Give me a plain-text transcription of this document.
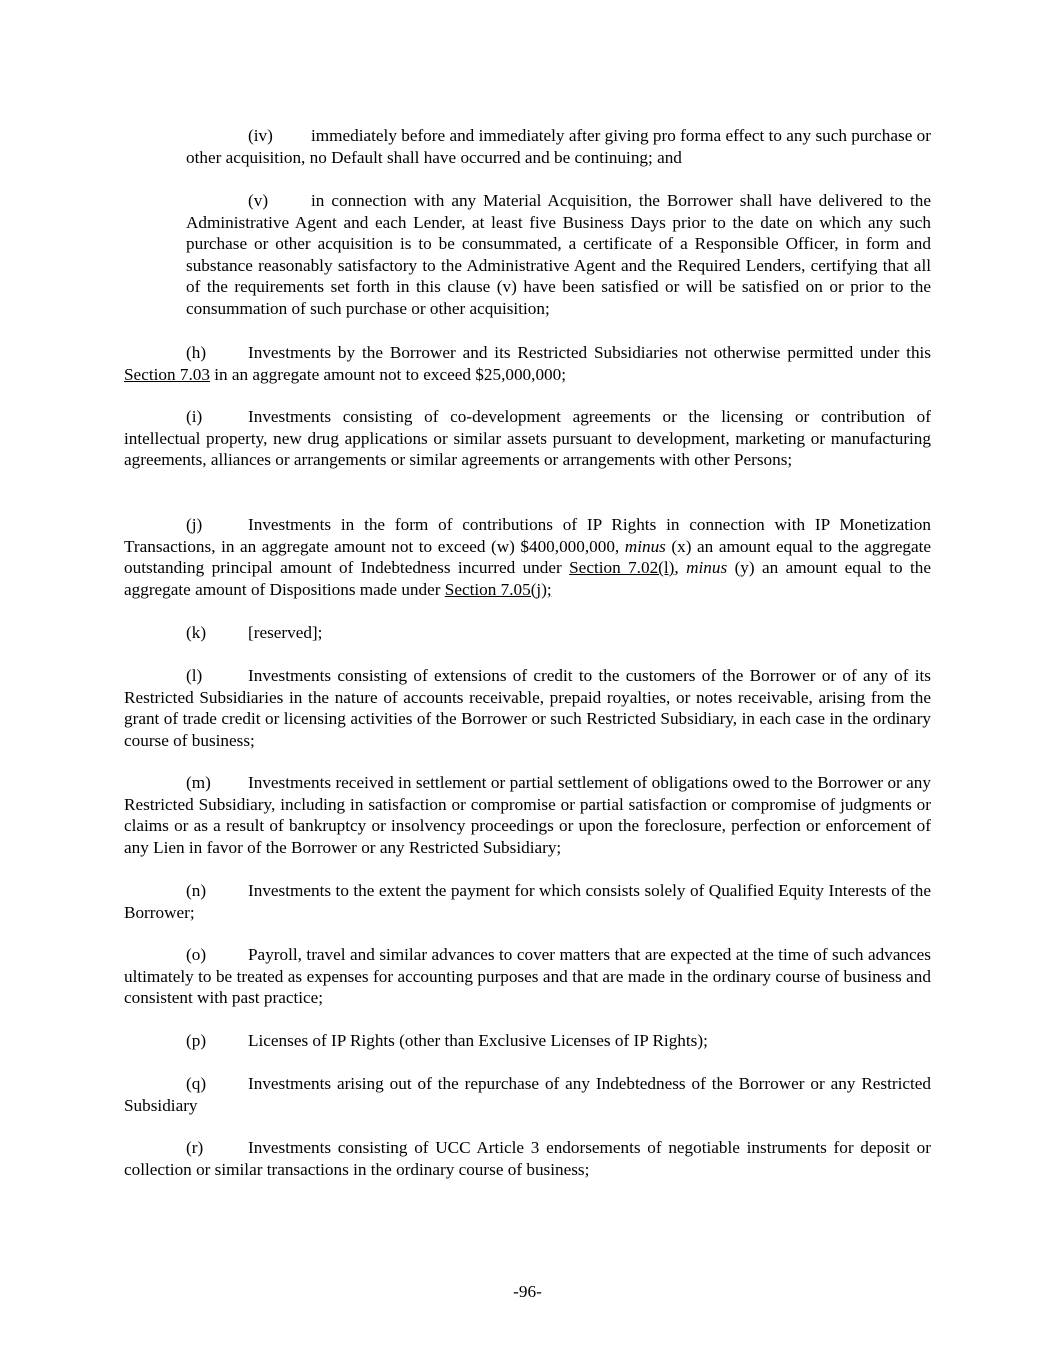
(iv) immediately before and immediately after giving pro forma effect to any such purchase or other acquisition, no Default shall have occurred and be continuing; and

(v) in connection with any Material Acquisition, the Borrower shall have delivered to the Administrative Agent and each Lender, at least five Business Days prior to the date on which any such purchase or other acquisition is to be consummated, a certificate of a Responsible Officer, in form and substance reasonably satisfactory to the Administrative Agent and the Required Lenders, certifying that all of the requirements set forth in this clause (v) have been satisfied or will be satisfied on or prior to the consummation of such purchase or other acquisition;

(h) Investments by the Borrower and its Restricted Subsidiaries not otherwise permitted under this Section 7.03 in an aggregate amount not to exceed $25,000,000;

(i)	Investments consisting of co-development agreements or the licensing or contribution of intellectual property, new drug applications or similar assets pursuant to development, marketing or manufacturing agreements, alliances or arrangements or similar agreements or arrangements with other Persons;

(j)	Investments in the form of contributions of IP Rights in connection with IP Monetization Transactions, in an aggregate amount not to exceed (w) $400,000,000, minus (x) an amount equal to the aggregate outstanding principal amount of Indebtedness incurred under Section 7.02(l), minus (y) an amount equal to the aggregate amount of Dispositions made under Section 7.05(j);

(k) [reserved];

(l)	Investments consisting of extensions of credit to the customers of the Borrower or of any of its Restricted Subsidiaries in the nature of accounts receivable, prepaid royalties, or notes receivable, arising from the grant of trade credit or licensing activities of the Borrower or such Restricted Subsidiary, in each case in the ordinary course of business;

(m) Investments received in settlement or partial settlement of obligations owed to the Borrower or any Restricted Subsidiary, including in satisfaction or compromise or partial satisfaction or compromise of judgments or claims or as a result of bankruptcy or insolvency proceedings or upon the foreclosure, perfection or enforcement of any Lien in favor of the Borrower or any Restricted Subsidiary;

(n) Investments to the extent the payment for which consists solely of Qualified Equity Interests of the Borrower;

(o) Payroll, travel and similar advances to cover matters that are expected at the time of such advances ultimately to be treated as expenses for accounting purposes and that are made in the ordinary course of business and consistent with past practice;

(p) Licenses of IP Rights (other than Exclusive Licenses of IP Rights);

(q) Investments arising out of the repurchase of any Indebtedness of the Borrower or any Restricted Subsidiary

(r)	Investments consisting of UCC Article 3 endorsements of negotiable instruments for deposit or collection or similar transactions in the ordinary course of business;

-96-
